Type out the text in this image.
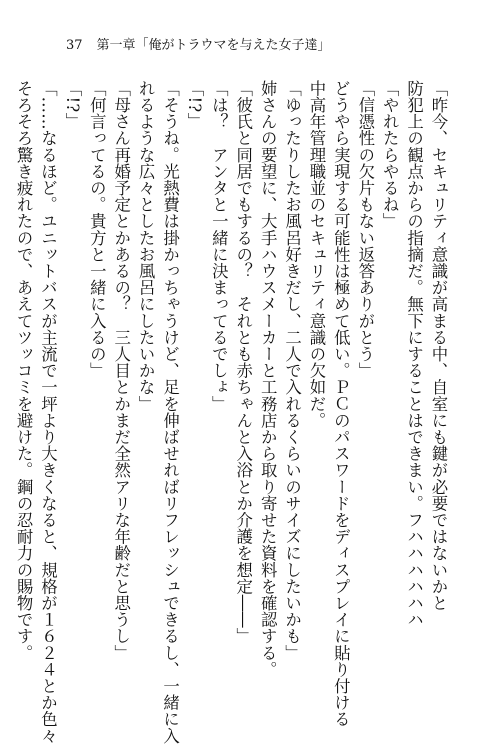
37 第一章「俺がトラウマを与えた女子達」
「昨今、セキュリティ意識が高まる中、自室にも鍵が必要ではないかと
防犯上の観点からの指摘だ。無下にすることはできまい。フハハハハハハ
「やれたらやるね」
「信憑性の欠片もない返答ありがとう」
どうやら実現する可能性は極めて低い。ＰＣのパスワードをディスプレイに貼り付ける
中高年管理職並のセキュリティ意識の欠如だ。
「ゆったりしたお風呂好きだし、二人で入れるくらいのサイズにしたいかも」
姉さんの要望に、大手ハウスメーカーと工務店から取り寄せた資料を確認する。
「彼氏と同居でもするの？　それとも赤ちゃんと入浴とか介護を想定――」
「は？　アンタと一緒に決まってるでしょ」
「!?」
「そうね。光熱費は掛かっちゃうけど、足を伸ばせればリフレッシュできるし、一緒に入
れるような広々としたお風呂にしたいかな」
「母さん再婚予定とかあるの？　三人目とかまだ全然アリな年齢だと思うし」
「何言ってるの。貴方と一緒に入るの」
「!?」
「……なるほど。ユニットバスが主流で一坪より大きくなると、規格が１６２４とか色々
そろそろ驚き疲れたので、あえてツッコミを避けた。鋼の忍耐力の賜物です。
